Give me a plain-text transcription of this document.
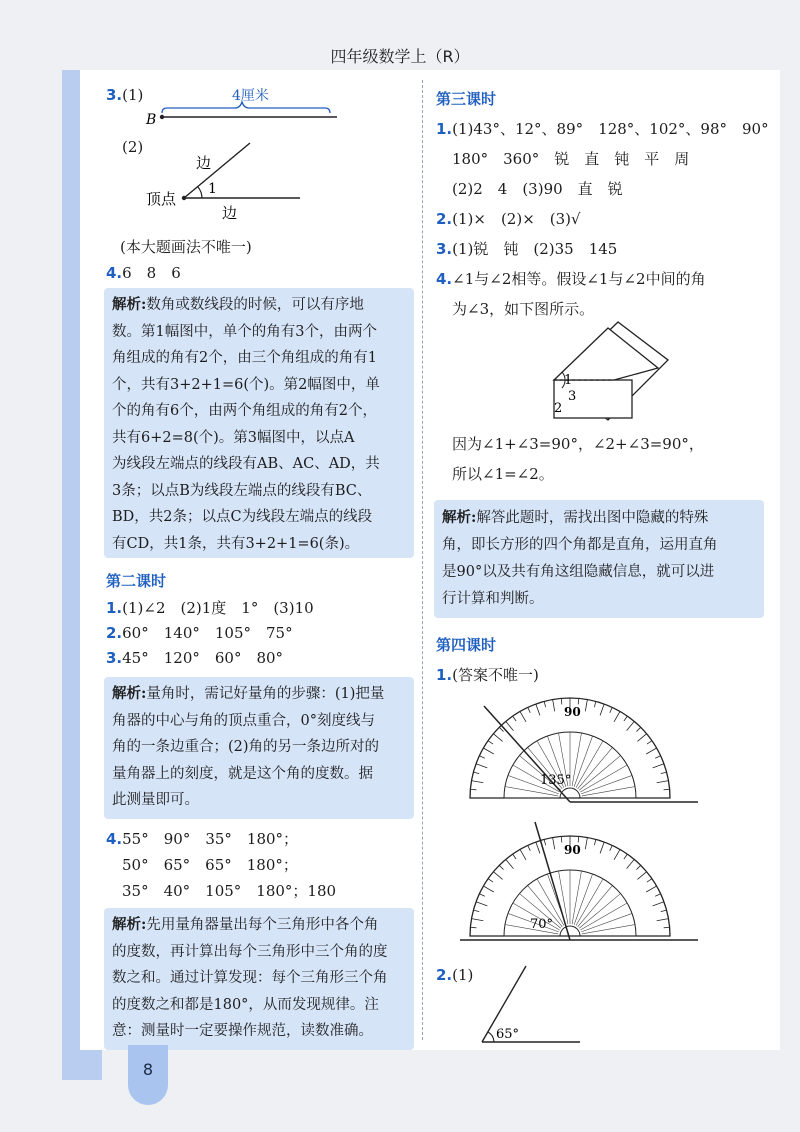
四年级数学上（R）
3.(1)	4厘米
B
(2)
边
顶点
1
边
(本大题画法不唯一)
4.6　8　6
解析:数角或数线段的时候，可以有序地
数。第1幅图中，单个的角有3个，由两个
角组成的角有2个，由三个角组成的角有1
个，共有3+2+1=6(个)。第2幅图中，单
个的角有6个，由两个角组成的角有2个，
共有6+2=8(个)。第3幅图中，以点A
为线段左端点的线段有AB、AC、AD，共
3条；以点B为线段左端点的线段有BC、
BD，共2条；以点C为线段左端点的线段
有CD，共1条，共有3+2+1=6(条)。
第二课时
1.(1)∠2　(2)1度　1°　(3)10
2.60°　140°　105°　75°
3.45°　120°　60°　80°
解析:量角时，需记好量角的步骤：(1)把量
角器的中心与角的顶点重合，0°刻度线与
角的一条边重合；(2)角的另一条边所对的
量角器上的刻度，就是这个角的度数。据
此测量即可。
4.55°　90°　35°　180°；
50°　65°　65°　180°；
35°　40°　105°　180°；180
解析:先用量角器量出每个三角形中各个角
的度数，再计算出每个三角形中三个角的度
数之和。通过计算发现：每个三角形三个角
的度数之和都是180°，从而发现规律。注
意：测量时一定要操作规范，读数准确。
第三课时
1.(1)43°、12°、89°　128°、102°、98°　90°
180°　360°　锐　直　钝　平　周
(2)2　4　(3)90　直　锐
2.(1)×　(2)×　(3)√
3.(1)锐　钝　(2)35　145
4.∠1与∠2相等。假设∠1与∠2中间的角
为∠3，如下图所示。
1
2
3
因为∠1+∠3=90°，∠2+∠3=90°，
所以∠1=∠2。
解析:解答此题时，需找出图中隐藏的特殊
角，即长方形的四个角都是直角，运用直角
是90°以及共有角这组隐藏信息，就可以进
行计算和判断。
第四课时
1.(答案不唯一)
135°
90
70°
90
2.(1)
65°
8
